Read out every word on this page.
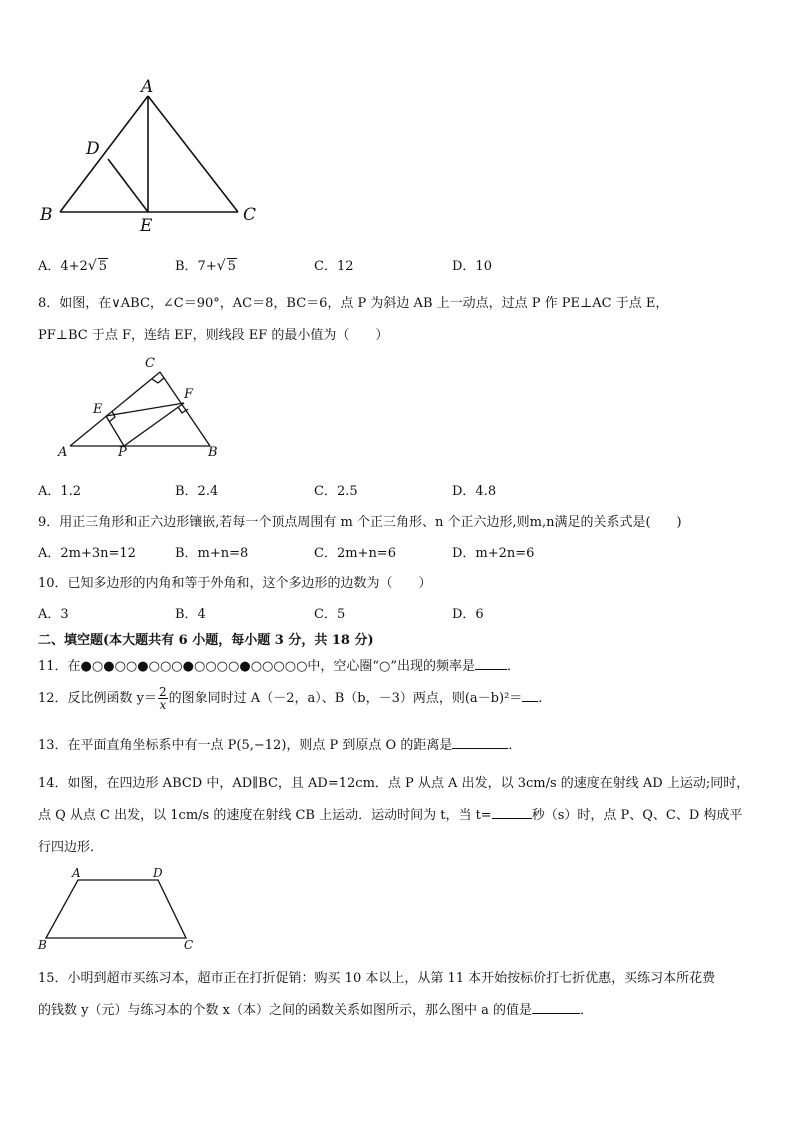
A
D
B
E
C
A．4+2√ 5	B．7+√ 5	C．12	D．10
8．如图，在∨ABC，∠C＝90°，AC＝8，BC＝6，点 P 为斜边 AB 上一动点，过点 P 作 PE⊥AC 于点 E，
PF⊥BC 于点 F，连结 EF，则线段 EF 的最小值为（　　）
C
F
E
A	P	B
A．1.2	B．2.4	C．2.5	D．4.8
9．用正三角形和正六边形镶嵌,若每一个顶点周围有 m 个正三角形、n 个正六边形,则m,n满足的关系式是(　　)
A．2m+3n=12	B．m+n=8	C．2m+n=6	D．m+2n=6
10．已知多边形的内角和等于外角和，这个多边形的边数为（　　）
A．3	B．4	C．5	D．6
二、填空题(本大题共有 6 小题，每小题 3 分，共 18 分)
11．在●○●○○●○○○●○○○○●○○○○○中，空心圈“○”出现的频率是 ．
12．反比例函数 $y= \frac{2}{x}$ 的图象同时过 A（－2，a）、B（b，－3）两点，则(a－b)²＝ .
13．在平面直角坐标系中有一点 P(5,−12)，则点 P 到原点 O 的距离是	．
14．如图，在四边形 ABCD 中，AD∥BC，且 AD=12cm．点 P 从点 A 出发，以 3cm/s 的速度在射线 AD 上运动;同时，
点 Q 从点 C 出发，以 1cm/s 的速度在射线 CB 上运动．运动时间为 t，当 t=	秒（s）时，点 P、Q、C、D 构成平
行四边形．
A	D
B	C
15．小明到超市买练习本，超市正在打折促销：购买 10 本以上，从第 11 本开始按标价打七折优惠，买练习本所花费
的钱数 y（元）与练习本的个数 x（本）之间的函数关系如图所示，那么图中 a 的值是	．
